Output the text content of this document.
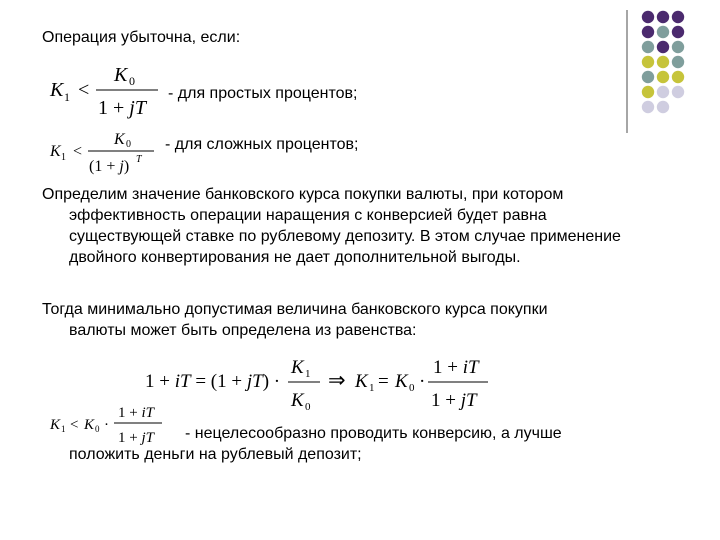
Операция убыточна, если:
K 1 <
K 0
1 + jT
- для простых процентов;
K 1 <
K 0
(1 + j) T
- для сложных процентов;
Определим значение банковского курса покупки валюты, при котором
эффективность операции наращения с конверсией будет равна существующей ставке по рублевому депозиту. В этом случае применение двойного конвертирования не дает дополнительной выгоды.
Тогда минимально допустимая величина банковского курса покупки
валюты может быть определена из равенства:
1 + iT = (1 + jT) ·
K 1
K 0
⇒ K 1 = K 0 ·
1 + iT
1 + jT
K 1 < K 0 ·
1 + iT
1 + jT	- нецелесообразно проводить конверсию, а лучше
положить деньги на рублевый депозит;
